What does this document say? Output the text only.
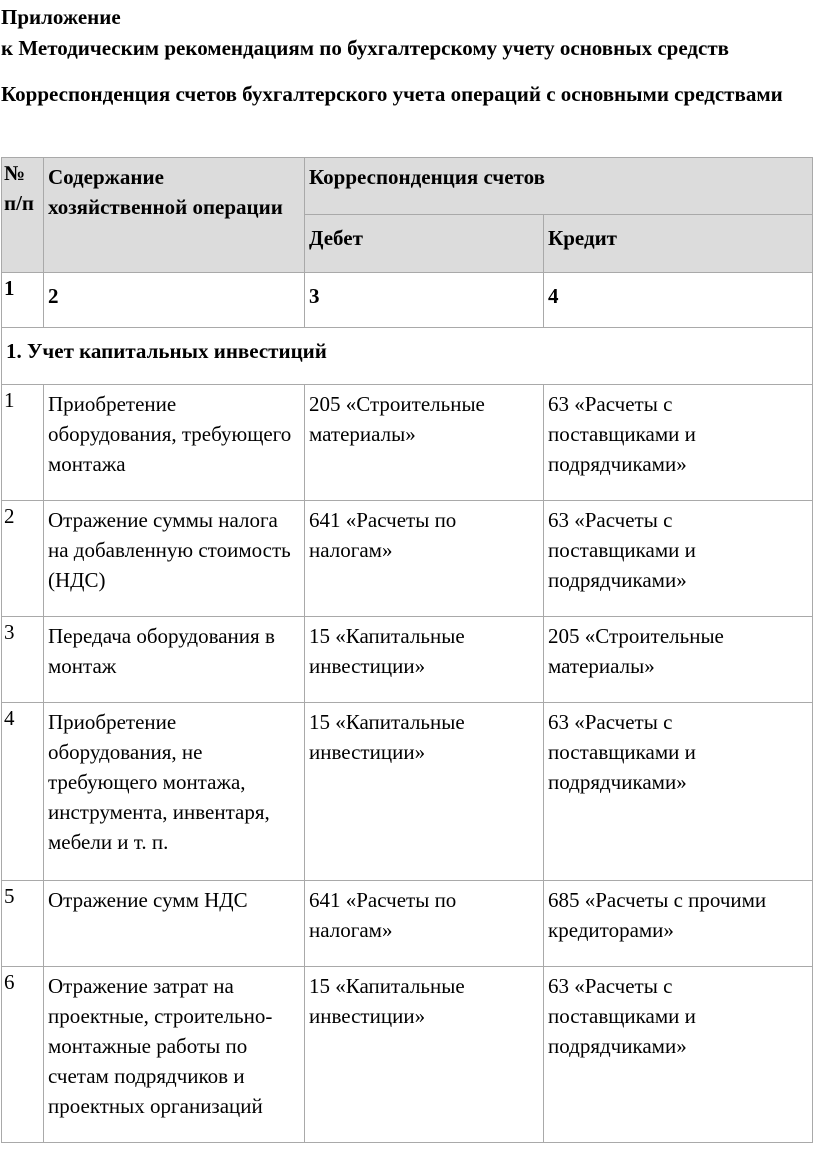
Приложение

к Методическим рекомендациям по бухгалтерскому учету основных средств

Корреспонденция счетов бухгалтерского учета операций с основными средствами

№ п/п	Содержание хозяйственной операции	Корреспонденция счетов	
		Дебет	Кредит
1	2	3	4
1. Учет капитальных инвестиций			
1	Приобретение оборудования, требующего монтажа	205 «Строительные материалы»	63 «Расчеты с поставщиками и подрядчиками»
2	Отражение суммы налога на добавленную стоимость (НДС)	641 «Расчеты по налогам»	63 «Расчеты с поставщиками и подрядчиками»
3	Передача оборудования в монтаж	15 «Капитальные инвестиции»	205 «Строительные материалы»
4	Приобретение оборудования, не требующего монтажа, инструмента, инвентаря, мебели и т. п.	15 «Капитальные инвестиции»	63 «Расчеты с поставщиками и подрядчиками»
5	Отражение сумм НДС	641 «Расчеты по налогам»	685 «Расчеты с прочими кредиторами»
6	Отражение затрат на проектные, строительно-монтажные работы по счетам подрядчиков и проектных организаций	15 «Капитальные инвестиции»	63 «Расчеты с поставщиками и подрядчиками»
